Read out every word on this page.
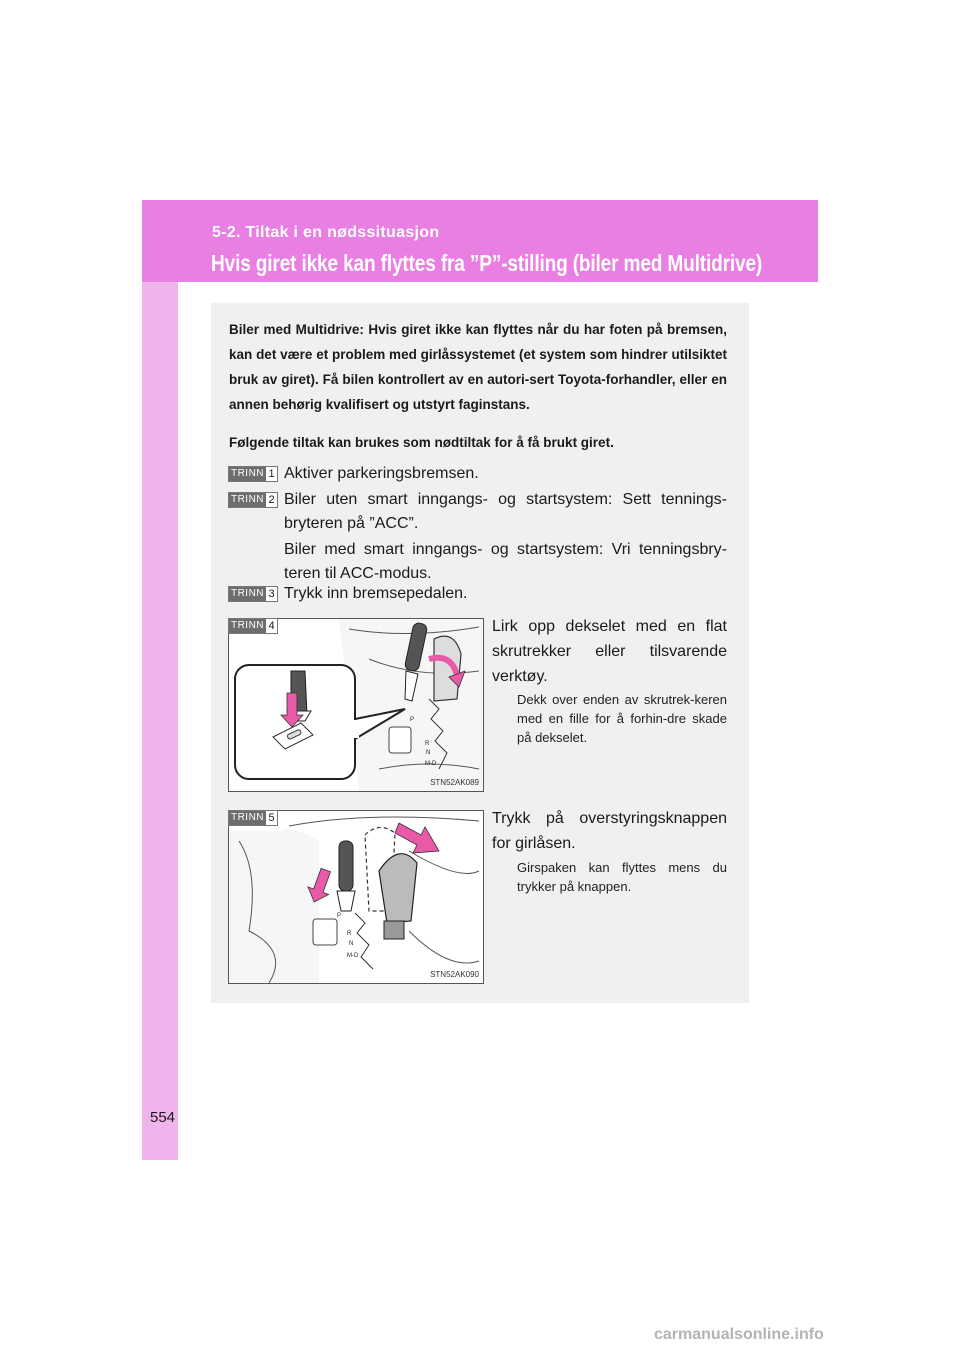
5-2. Tiltak i en nødssituasjon
Hvis giret ikke kan flyttes fra ”P”-stilling (biler med Multidrive)

Biler med Multidrive: Hvis giret ikke kan flyttes når du har foten på bremsen, kan det være et problem med girlåssystemet (et system som hindrer utilsiktet bruk av giret). Få bilen kontrollert av en autori-sert Toyota-forhandler, eller en annen behørig kvalifisert og utstyrt faginstans.

Følgende tiltak kan brukes som nødtiltak for å få brukt giret.

TRINN 1 Aktiver parkeringsbremsen.

TRINN 2 Biler uten smart inngangs- og startsystem: Sett tennings-bryteren på ”ACC”.

Biler med smart inngangs- og startsystem: Vri tenningsbry-teren til ACC-modus.

TRINN 3 Trykk inn bremsepedalen.

P
R
N
M-D
TRINN 4
STN52AK089

Lirk opp dekselet med en flat skrutrekker eller tilsvarende verktøy.

Dekk over enden av skrutrek-keren med en fille for å forhin-dre skade på dekselet.

P
R
N
M-D
TRINN 5
STN52AK090

Trykk på overstyringsknappen for girlåsen.

Girspaken kan flyttes mens du trykker på knappen.

554
carmanualsonline.info
